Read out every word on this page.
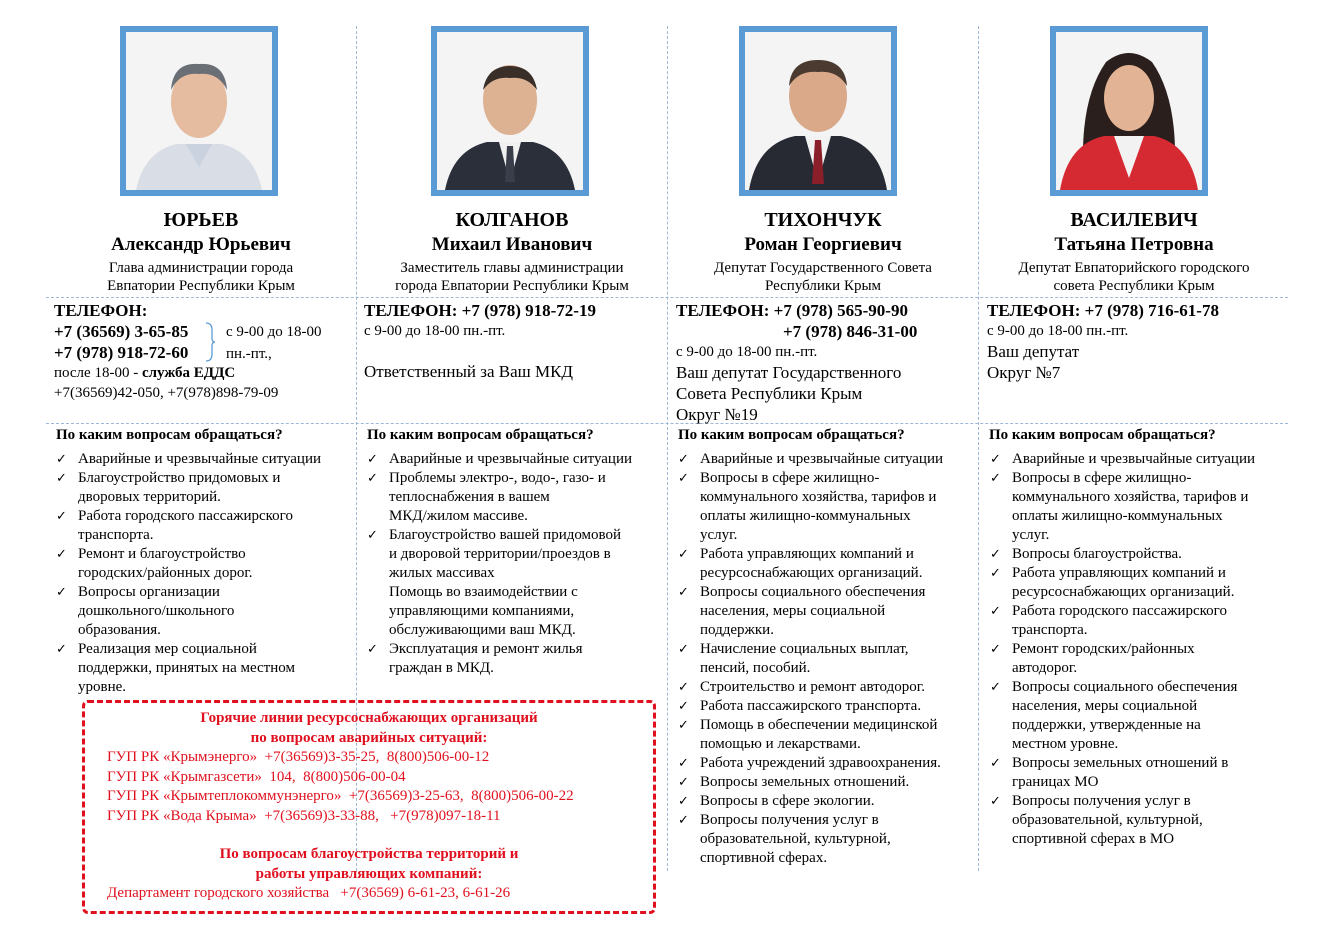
ЮРЬЕВ
Александр Юрьевич
Глава администрации города
Евпатории Республики Крым
ТЕЛЕФОН:
+7 (36569) 3-65-85	с 9-00 до 18-00
+7 (978) 918-72-60	пн.-пт.,
после 18-00 - служба ЕДДС
+7(36569)42-050, +7(978)898-79-09
По каким вопросам обращаться?
✓ Аварийные и чрезвычайные ситуации
✓ Благоустройство придомовых и
дворовых территорий.
✓ Работа городского пассажирского
транспорта.
✓ Ремонт и благоустройство
городских/районных дорог.
✓ Вопросы организации
дошкольного/школьного
образования.
✓ Реализация мер социальной
поддержки, принятых на местном
уровне.
КОЛГАНОВ
Михаил Иванович
Заместитель главы администрации
города Евпатории Республики Крым
ТЕЛЕФОН: +7 (978) 918-72-19
с 9-00 до 18-00 пн.-пт.
Ответственный за Ваш МКД
По каким вопросам обращаться?
✓ Аварийные и чрезвычайные ситуации
✓ Проблемы электро-, водо-, газо- и
теплоснабжения в вашем
МКД/жилом массиве.
✓ Благоустройство вашей придомовой
и дворовой территории/проездов в
жилых массивах
Помощь во взаимодействии с
управляющими компаниями,
обслуживающими ваш МКД.
✓ Эксплуатация и ремонт жилья
граждан в МКД.
ТИХОНЧУК
Роман Георгиевич
Депутат Государственного Совета
Республики Крым
ТЕЛЕФОН: +7 (978) 565-90-90
+7 (978) 846-31-00
с 9-00 до 18-00 пн.-пт.
Ваш депутат Государственного
Совета Республики Крым
Округ №19
По каким вопросам обращаться?
✓ Аварийные и чрезвычайные ситуации
✓ Вопросы в сфере жилищно-
коммунального хозяйства, тарифов и
оплаты жилищно-коммунальных
услуг.
✓ Работа управляющих компаний и
ресурсоснабжающих организаций.
✓ Вопросы социального обеспечения
населения, меры социальной
поддержки.
✓ Начисление социальных выплат,
пенсий, пособий.
✓ Строительство и ремонт автодорог.
✓ Работа пассажирского транспорта.
✓ Помощь в обеспечении медицинской
помощью и лекарствами.
✓ Работа учреждений здравоохранения.
✓ Вопросы земельных отношений.
✓ Вопросы в сфере экологии.
✓ Вопросы получения услуг в
образовательной, культурной,
спортивной сферах.
ВАСИЛЕВИЧ
Татьяна Петровна
Депутат Евпаторийского городского
совета Республики Крым
ТЕЛЕФОН: +7 (978) 716-61-78
с 9-00 до 18-00 пн.-пт.
Ваш депутат
Округ №7
По каким вопросам обращаться?
✓ Аварийные и чрезвычайные ситуации
✓ Вопросы в сфере жилищно-
коммунального хозяйства, тарифов и
оплаты жилищно-коммунальных
услуг.
✓ Вопросы благоустройства.
✓ Работа управляющих компаний и
ресурсоснабжающих организаций.
✓ Работа городского пассажирского
транспорта.
✓ Ремонт городских/районных
автодорог.
✓ Вопросы социального обеспечения
населения, меры социальной
поддержки, утвержденные на
местном уровне.
✓ Вопросы земельных отношений в
границах МО
✓ Вопросы получения услуг в
образовательной, культурной,
спортивной сферах в МО
Горячие линии ресурсоснабжающих организаций
по вопросам аварийных ситуаций:
ГУП РК «Крымэнерго»  +7(36569)3-35-25,  8(800)506-00-12
ГУП РК «Крымгазсети»  104,  8(800)506-00-04
ГУП РК «Крымтеплокоммунэнерго»  +7(36569)3-25-63,  8(800)506-00-22
ГУП РК «Вода Крыма»  +7(36569)3-33-88,   +7(978)097-18-11
По вопросам благоустройства территорий и
работы управляющих компаний:
Департамент городского хозяйства   +7(36569) 6-61-23, 6-61-26
